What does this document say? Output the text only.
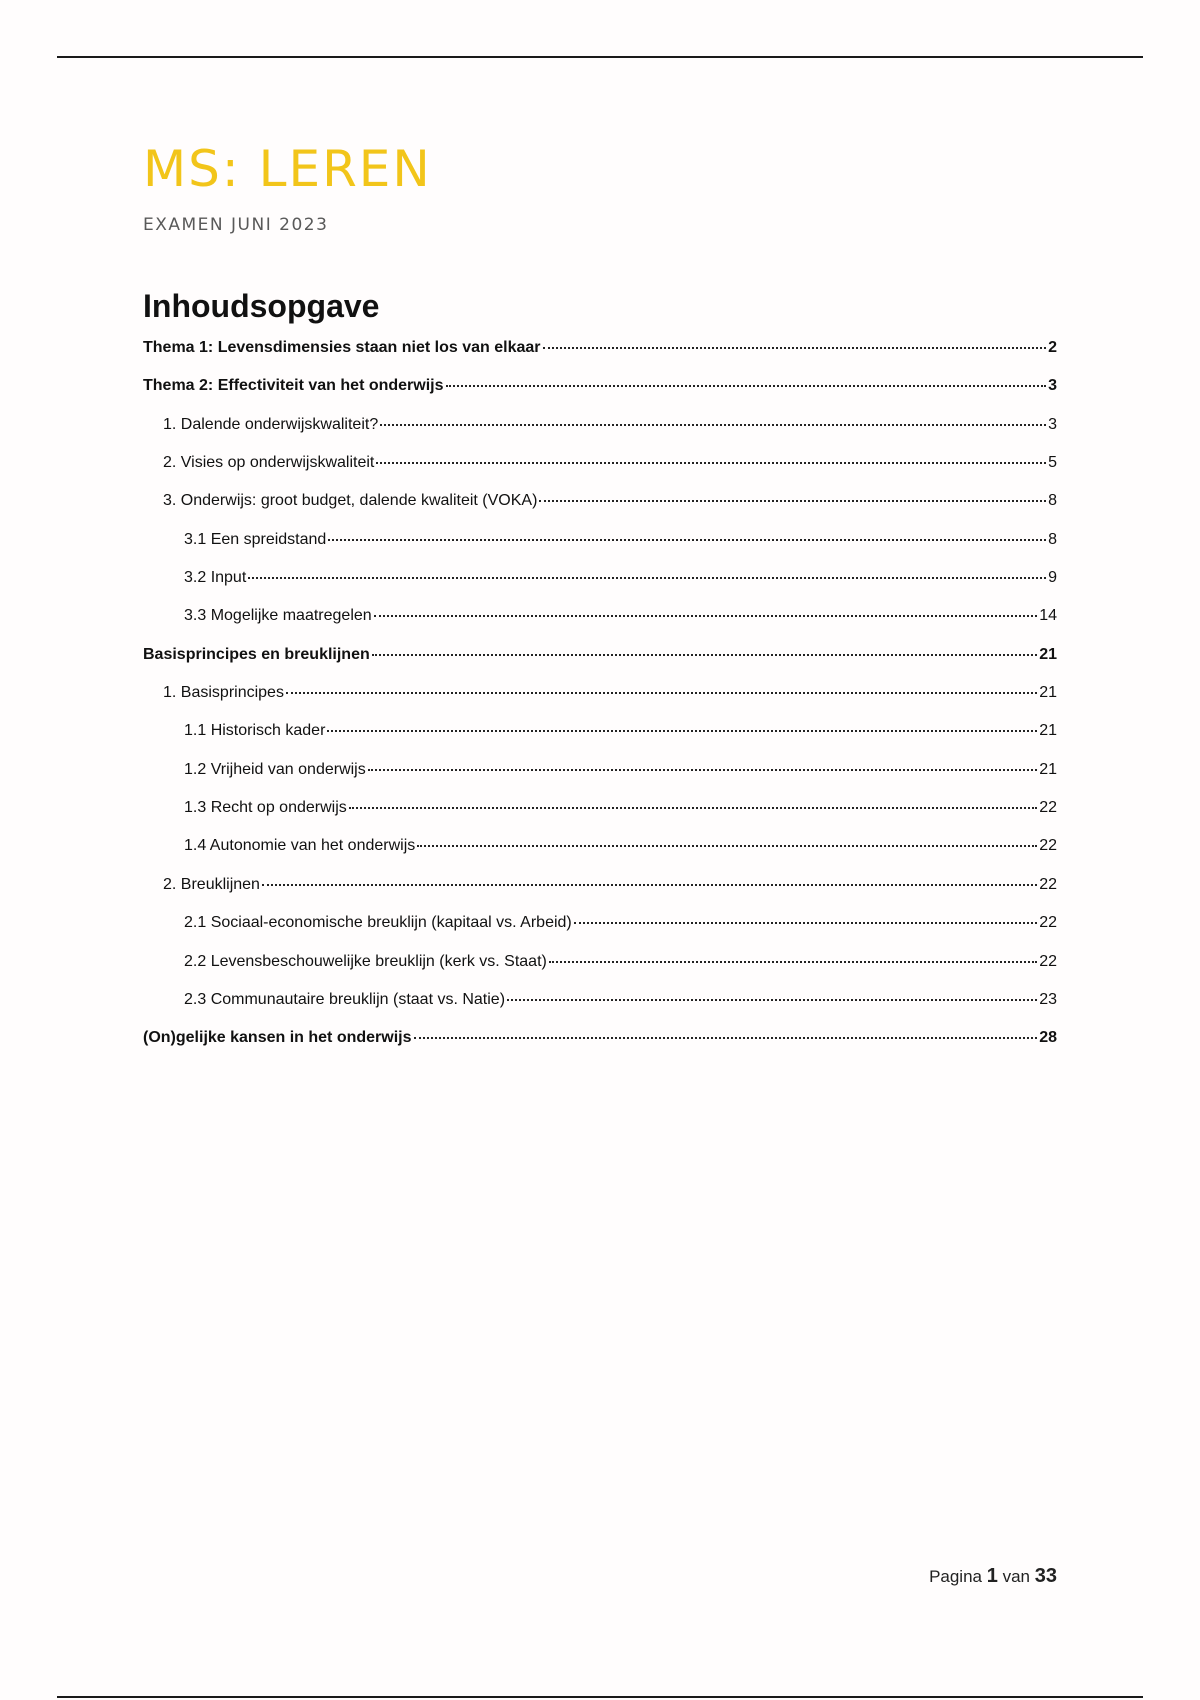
MS: LEREN
EXAMEN JUNI 2023
Inhoudsopgave
Thema 1: Levensdimensies staan niet los van elkaar	2
Thema 2: Effectiviteit van het onderwijs	3
1. Dalende onderwijskwaliteit?	3
2. Visies op onderwijskwaliteit	5
3. Onderwijs: groot budget, dalende kwaliteit (VOKA)	8
3.1 Een spreidstand	8
3.2 Input	9
3.3 Mogelijke maatregelen	14
Basisprincipes en breuklijnen	21
1. Basisprincipes	21
1.1 Historisch kader	21
1.2 Vrijheid van onderwijs	21
1.3 Recht op onderwijs	22
1.4 Autonomie van het onderwijs	22
2. Breuklijnen	22
2.1 Sociaal-economische breuklijn (kapitaal vs. Arbeid)	22
2.2 Levensbeschouwelijke breuklijn (kerk vs. Staat)	22
2.3 Communautaire breuklijn (staat vs. Natie)	23
(On)gelijke kansen in het onderwijs	28
Pagina 1 van 33
